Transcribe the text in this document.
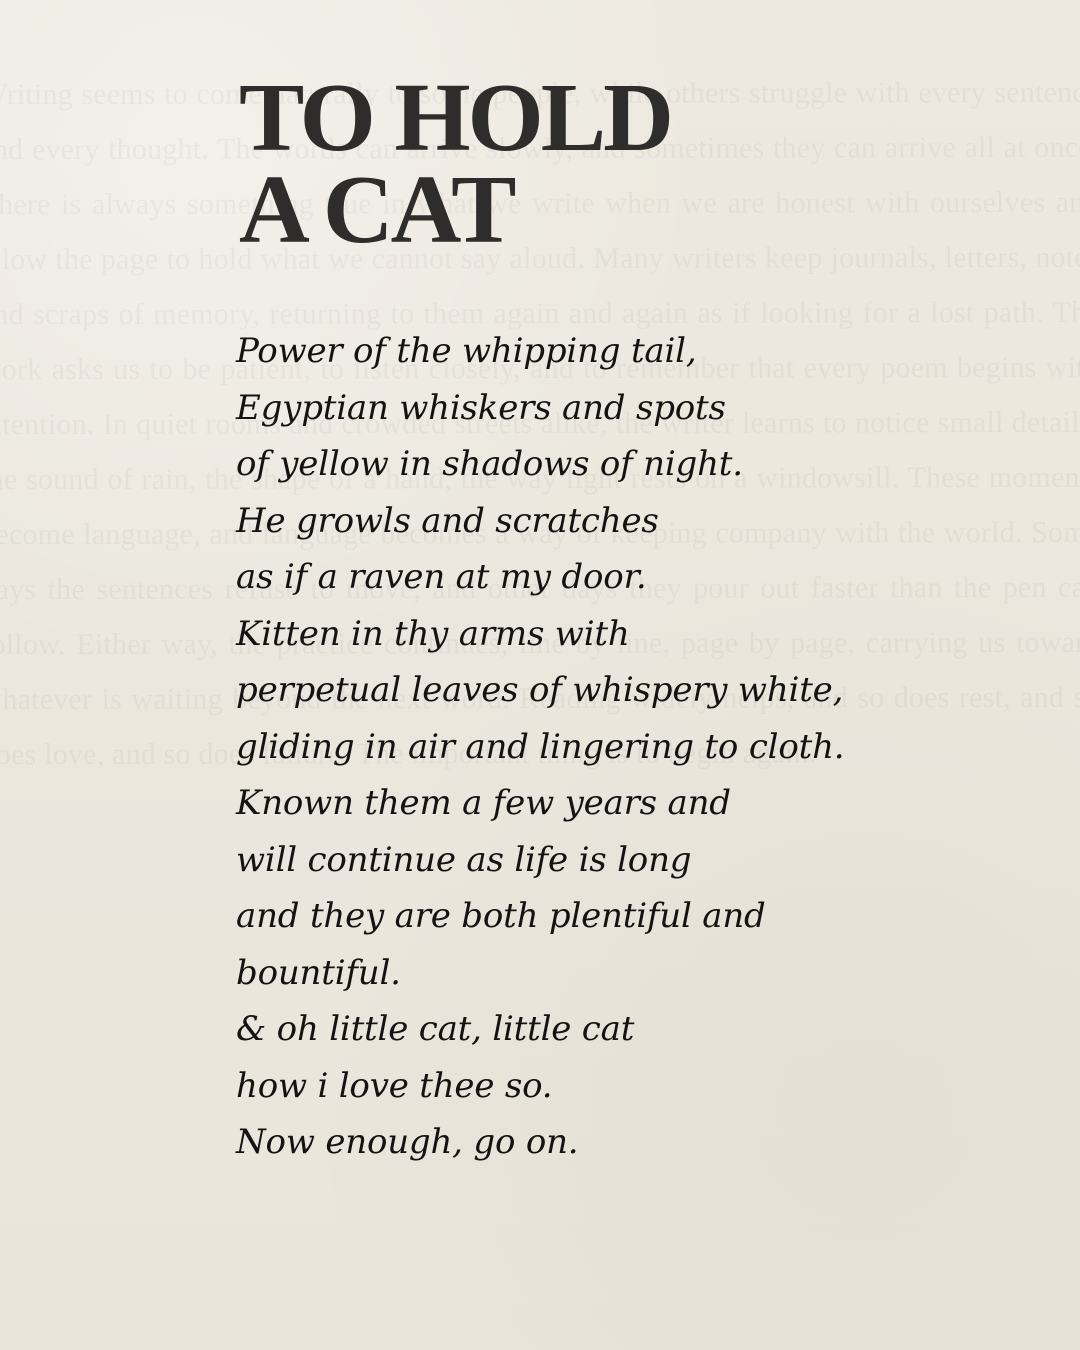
TO HOLD
A CAT
Power of the whipping tail,
Egyptian whiskers and spots
of yellow in shadows of night.
He growls and scratches
as if a raven at my door.
Kitten in thy arms with
perpetual leaves of whispery white,
gliding in air and lingering to cloth.
Known them a few years and
will continue as life is long
and they are both plentiful and
bountiful.
& oh little cat, little cat
how i love thee so.
Now enough, go on.
